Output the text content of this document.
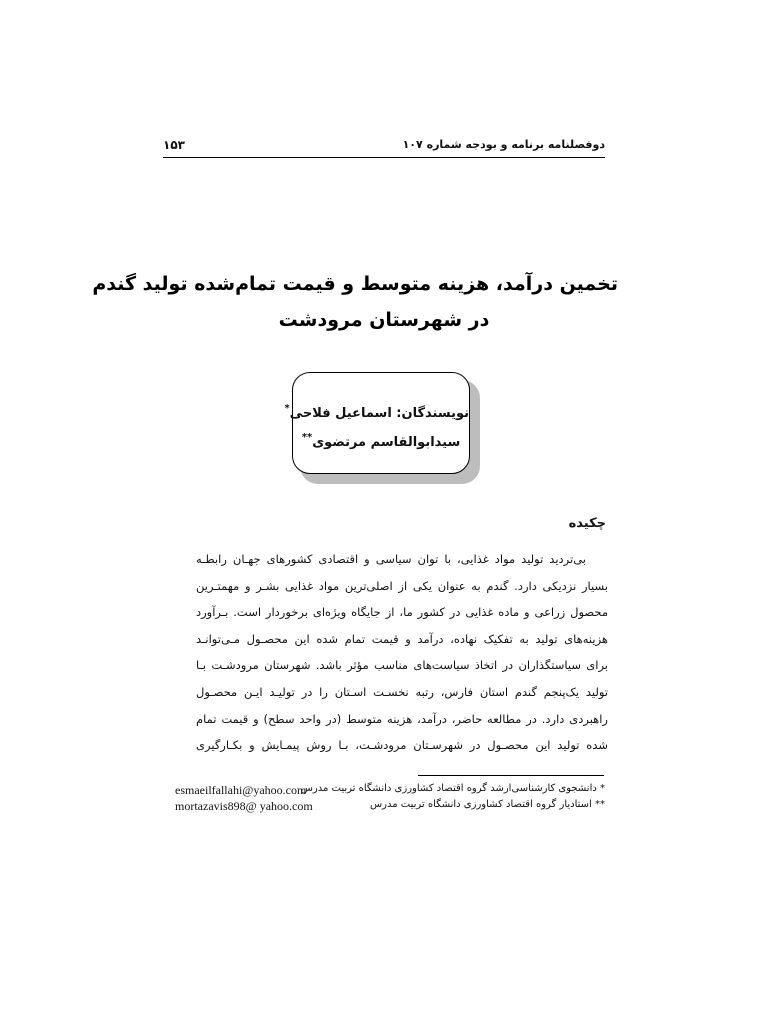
دوفصلنامه برنامه و بودجه شماره ۱۰۷
۱۵۳
تخمین درآمد، هزینه متوسط و قیمت تمام‌شده تولید گندم
در شهرستان مرودشت
نویسندگان: اسماعیل فلاحی*
سیدابوالقاسم مرتضوی**
چکیده
بی‌تردید تولید مواد غذایی، با توان سیاسی و اقتصادی کشورهای جهـان رابطـه
بسیار نزدیکی دارد. گندم به عنوان یکی از اصلی‌ترین مواد غذایی بشـر و مهمتـرین
محصول زراعی و ماده غذایی در کشور ما، از جایگاه ویژه‌ای برخوردار است. بـرآورد
هزینه‌های تولید به تفکیک نهاده، درآمد و قیمت تمام شده این محصـول مـی‌توانـد
برای سیاستگذاران در اتخاذ سیاست‌های مناسب مؤثر باشد. شهرستان مرودشـت بـا
تولید یک‌پنجم گندم استان فارس، رتبه نخسـت اسـتان را در تولیـد ایـن محصـول
راهبردی دارد. در مطالعه حاضر، درآمد، هزینه متوسط (در واحد سطح) و قیمت تمام
شده تولید این محصـول در شهرسـتان مرودشـت، بـا روش پیمـایش و بکـارگیری
* دانشجوی کارشناسی‌ارشد گروه اقتصاد کشاورزی دانشگاه تربیت مدرس
esmaeilfallahi@yahoo.com
** استادیار گروه اقتصاد کشاورزی دانشگاه تربیت مدرس
mortazavis898@ yahoo.com
